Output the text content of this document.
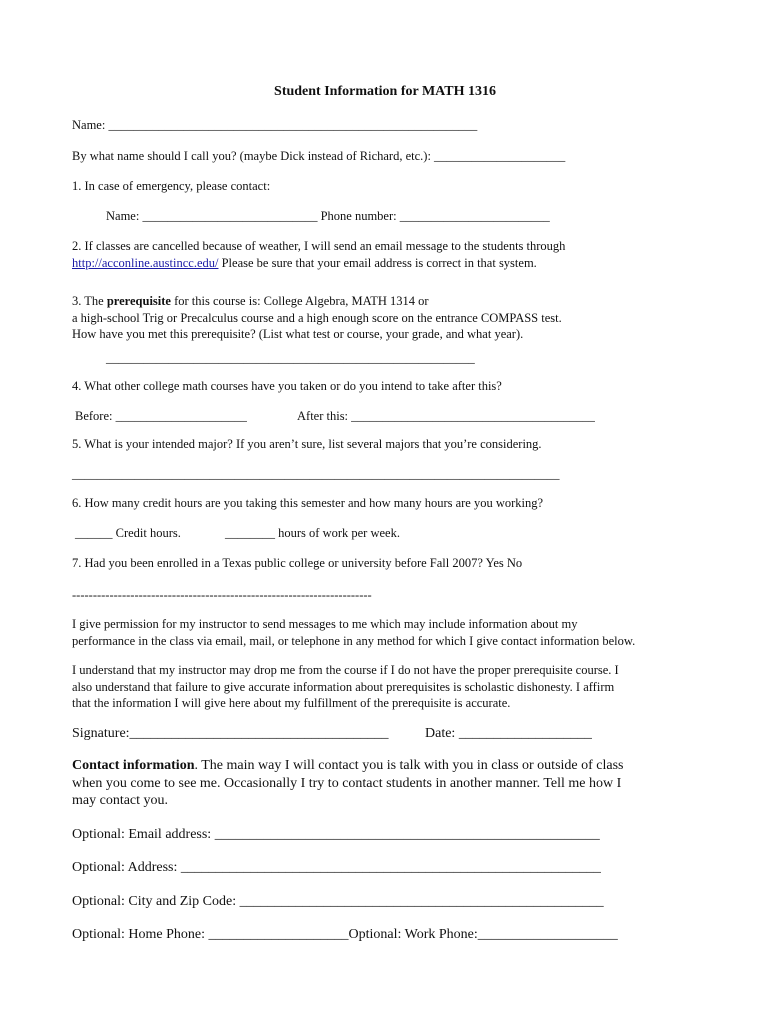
Student Information for MATH 1316
Name: ___________________________________________________________
By what name should I call you? (maybe Dick instead of Richard, etc.): _____________________
1. In case of emergency, please contact:
Name: ____________________________ Phone number: ________________________
2. If classes are cancelled because of weather, I will send an email message to the students through
http://acconline.austincc.edu/ Please be sure that your email address is correct in that system.
3. The prerequisite for this course is: College Algebra, MATH 1314 or
a high-school Trig or Precalculus course and a high enough score on the entrance COMPASS test.
How have you met this prerequisite? (List what test or course, your grade, and what year).
___________________________________________________________
4. What other college math courses have you taken or do you intend to take after this?
Before: _____________________	After this: _______________________________________
5. What is your intended major? If you aren’t sure, list several majors that you’re considering.
______________________________________________________________________________
6. How many credit hours are you taking this semester and how many hours are you working?
______ Credit hours.	________ hours of work per week.
7. Had you been enrolled in a Texas public college or university before Fall 2007? Yes No
------------------------------------------------------------------------
I give permission for my instructor to send messages to me which may include information about my
performance in the class via email, mail, or telephone in any method for which I give contact information below.
I understand that my instructor may drop me from the course if I do not have the proper prerequisite course. I
also understand that failure to give accurate information about prerequisites is scholastic dishonesty. I affirm
that the information I will give here about my fulfillment of the prerequisite is accurate.
Signature:_____________________________________	Date: ___________________
Contact information. The main way I will contact you is talk with you in class or outside of class
when you come to see me. Occasionally I try to contact students in another manner. Tell me how I
may contact you.
Optional: Email address: _______________________________________________________
Optional: Address: ____________________________________________________________
Optional: City and Zip Code: ____________________________________________________
Optional: Home Phone: ____________________Optional: Work Phone:____________________
